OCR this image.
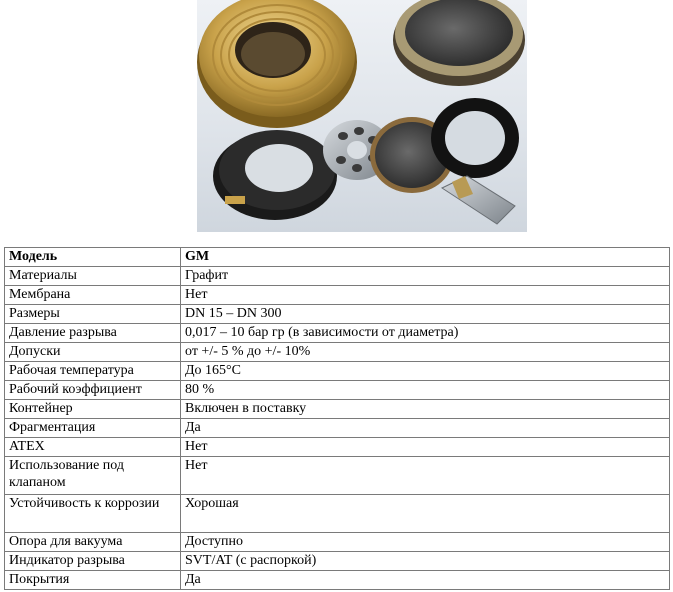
Модель	GM
Материалы	Графит
Мембрана	Нет
Размеры	DN 15 – DN 300
Давление разрыва	0,017 – 10 бар гр (в зависимости от диаметра)
Допуски	от +/- 5 % до +/- 10%
Рабочая температура	До 165°C
Рабочий коэффициент	80 %
Контейнер	Включен в поставку
Фрагментация	Да
ATEX	Нет
Использование под клапаном	Нет
Устойчивость к коррозии	Хорошая
Опора для вакуума	Доступно
Индикатор разрыва	SVT/AT (с распоркой)
Покрытия	Да
